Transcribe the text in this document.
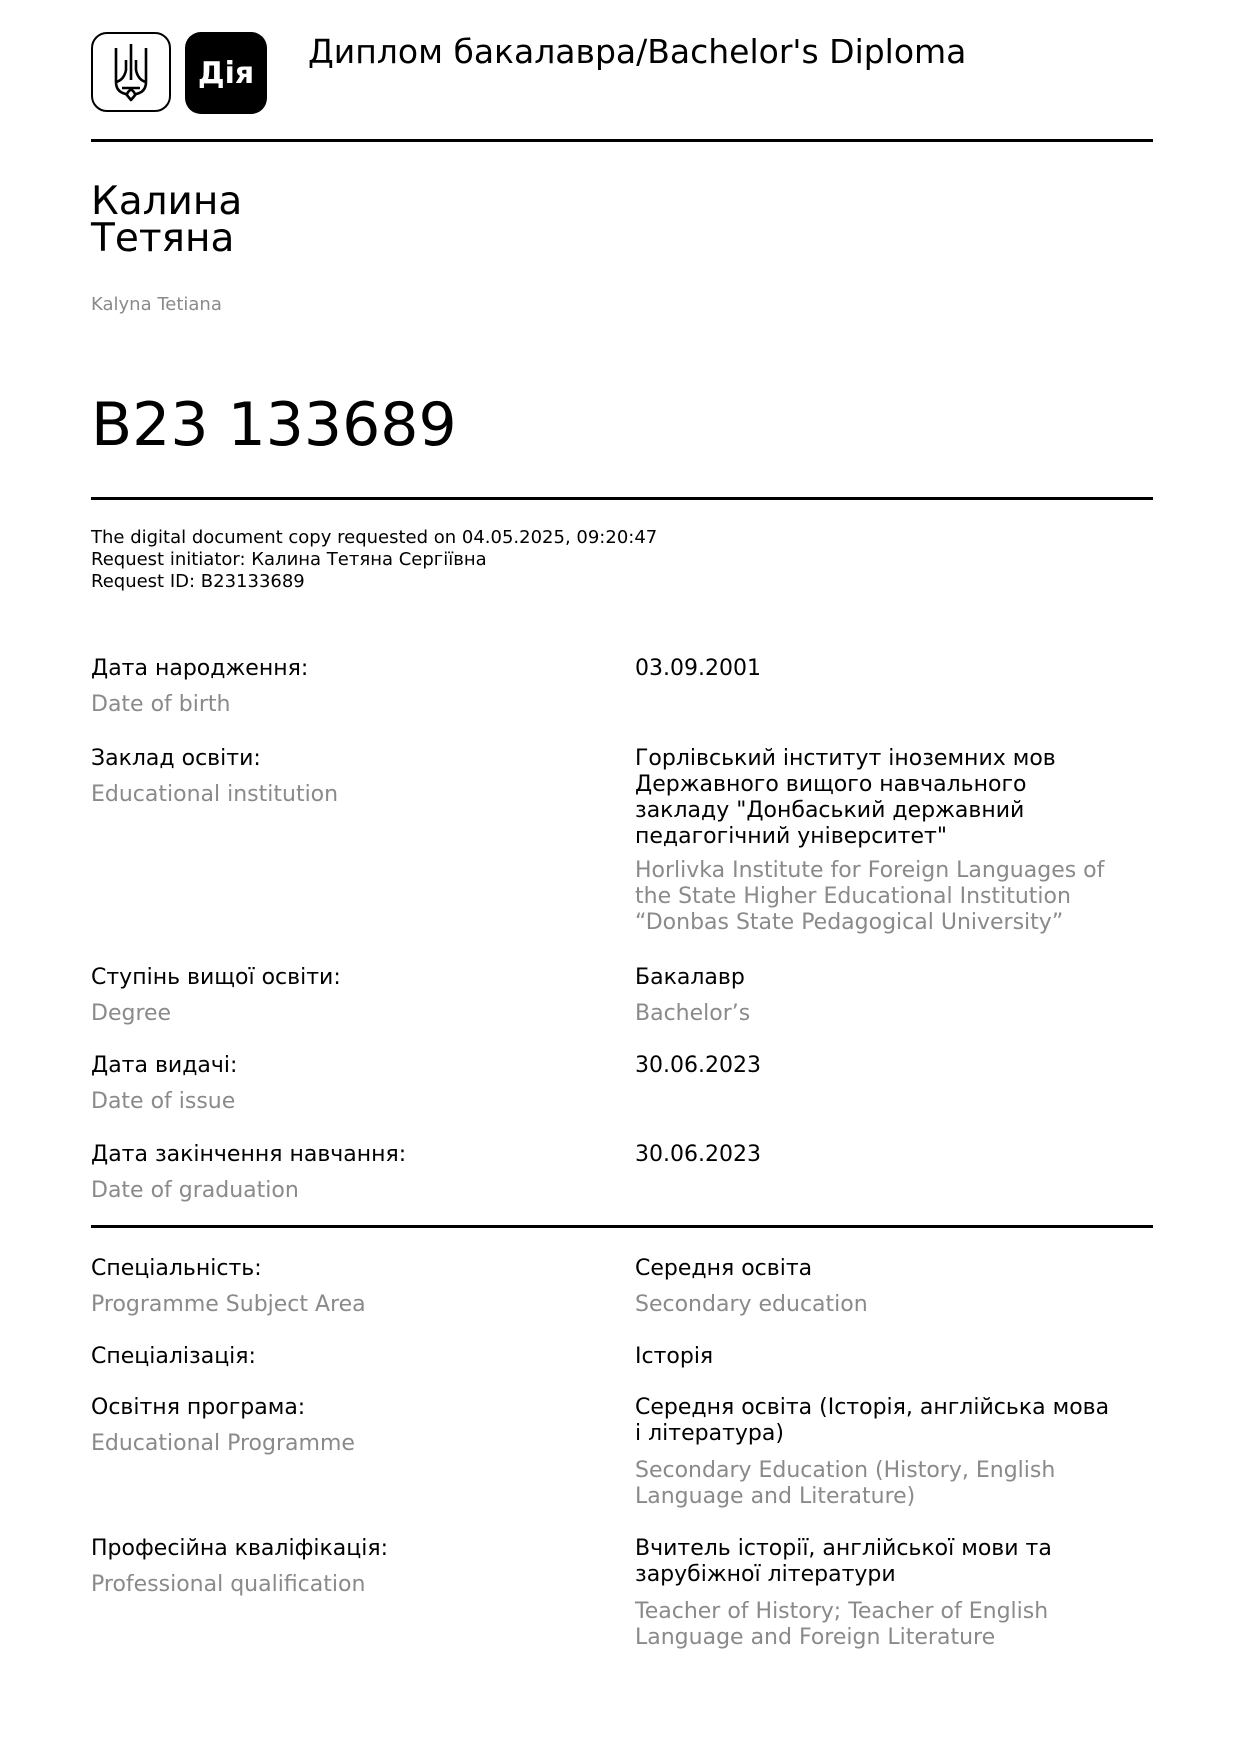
Дія
Диплом бакалавра/Bachelor's Diploma
Калина
Тетяна
Kalyna Tetiana
B23 133689
The digital document copy requested on 04.05.2025, 09:20:47
Request initiator: Калина Тетяна Сергіївна
Request ID: B23133689
Дата народження:
Date of birth
03.09.2001
Заклад освіти:
Educational institution
Горлівський інститут іноземних мов
Державного вищого навчального
закладу "Донбаський державний
педагогічний університет"
Horlivka Institute for Foreign Languages of
the State Higher Educational Institution
“Donbas State Pedagogical University”
Ступінь вищої освіти:
Degree
Бакалавр
Bachelor’s
Дата видачі:
Date of issue
30.06.2023
Дата закінчення навчання:
Date of graduation
30.06.2023
Спеціальність:
Programme Subject Area
Середня освіта
Secondary education
Спеціалізація:	Історія
Освітня програма:
Educational Programme
Середня освіта (Історія, англійська мова
і література)
Secondary Education (History, English
Language and Literature)
Професійна кваліфікація:
Professional qualification
Вчитель історії, англійської мови та
зарубіжної літератури
Teacher of History; Teacher of English
Language and Foreign Literature
